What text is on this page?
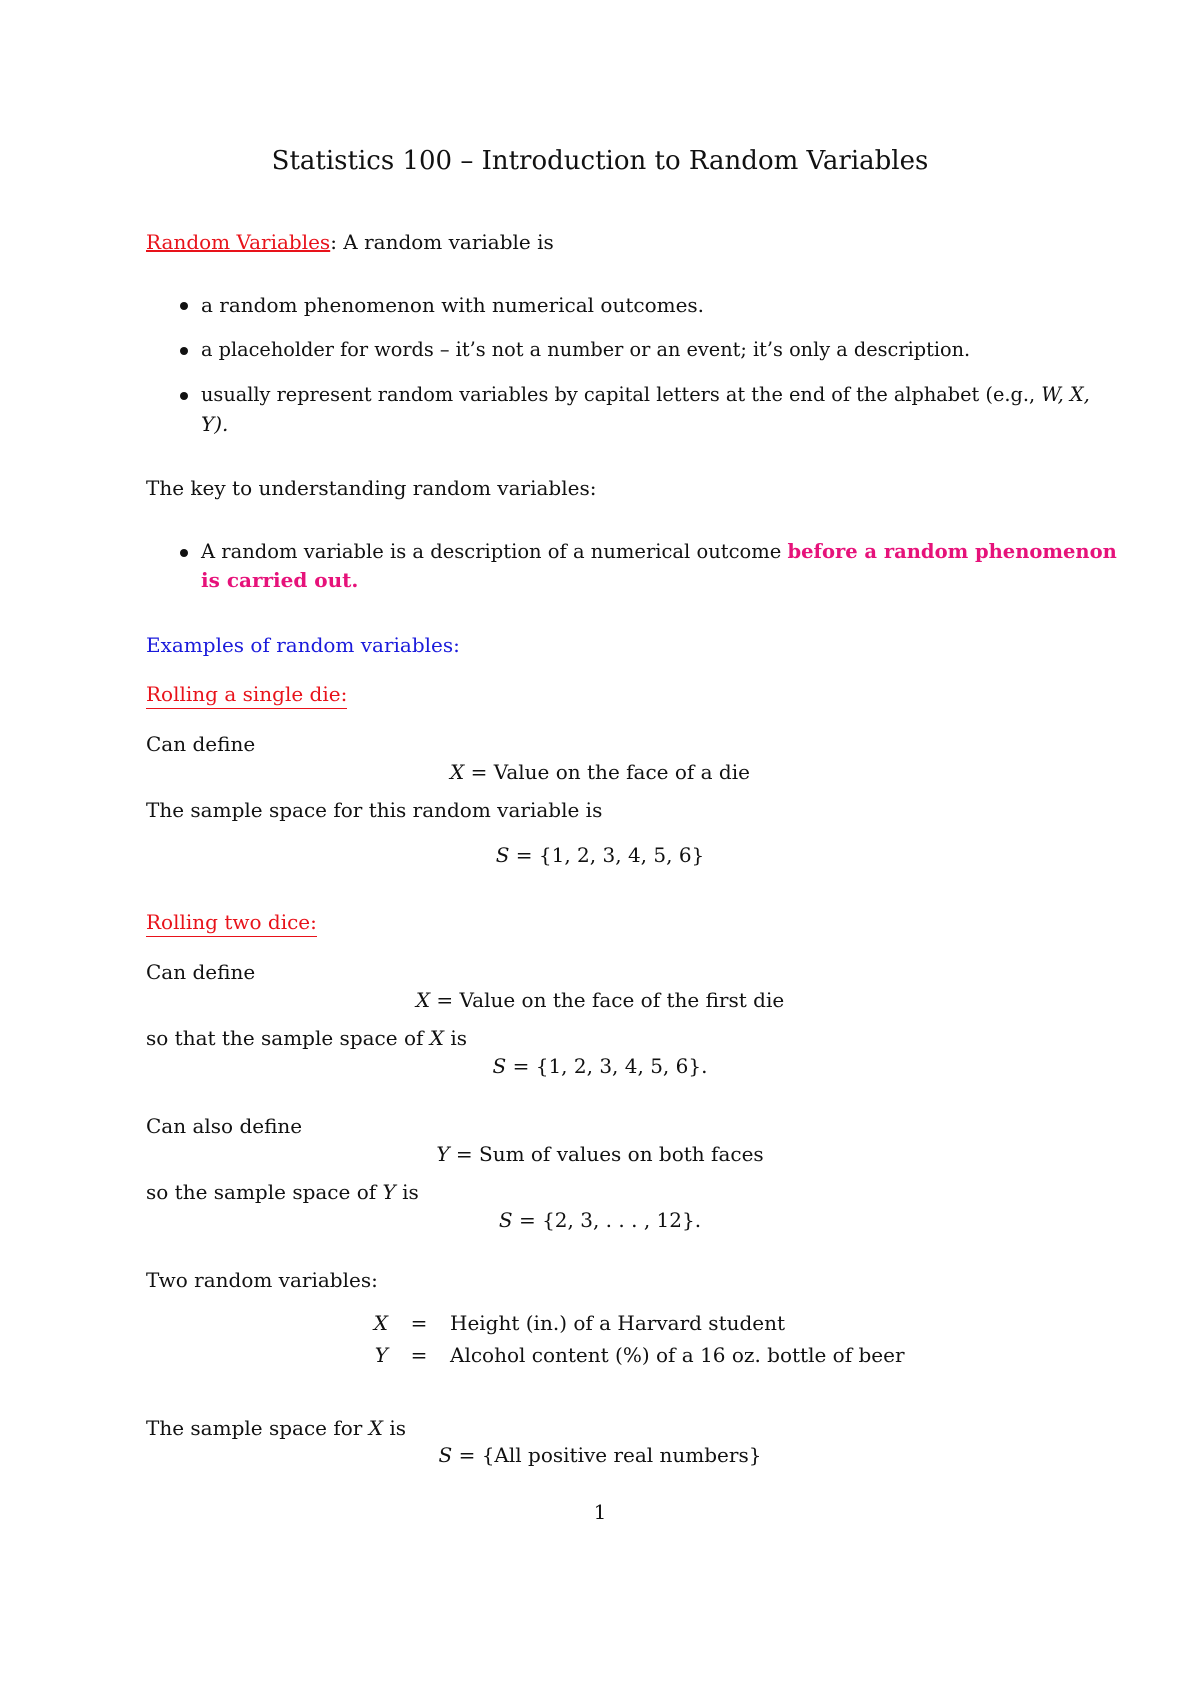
Statistics 100 – Introduction to Random Variables
Random Variables: A random variable is
a random phenomenon with numerical outcomes.
a placeholder for words – it’s not a number or an event; it’s only a description.
usually represent random variables by capital letters at the end of the alphabet (e.g., W, X,
Y).
The key to understanding random variables:
A random variable is a description of a numerical outcome before a random phenomenon
is carried out.
Examples of random variables:
Rolling a single die:
Can define
X = Value on the face of a die
The sample space for this random variable is
S = {1, 2, 3, 4, 5, 6}
Rolling two dice:
Can define
X = Value on the face of the first die
so that the sample space of X is
S = {1, 2, 3, 4, 5, 6}.
Can also define
Y = Sum of values on both faces
so the sample space of Y is
S = {2, 3, . . . , 12}.
Two random variables:
X	=	Height (in.) of a Harvard student
Y	=	Alcohol content (%) of a 16 oz. bottle of beer
The sample space for X is
S = {All positive real numbers}
1
